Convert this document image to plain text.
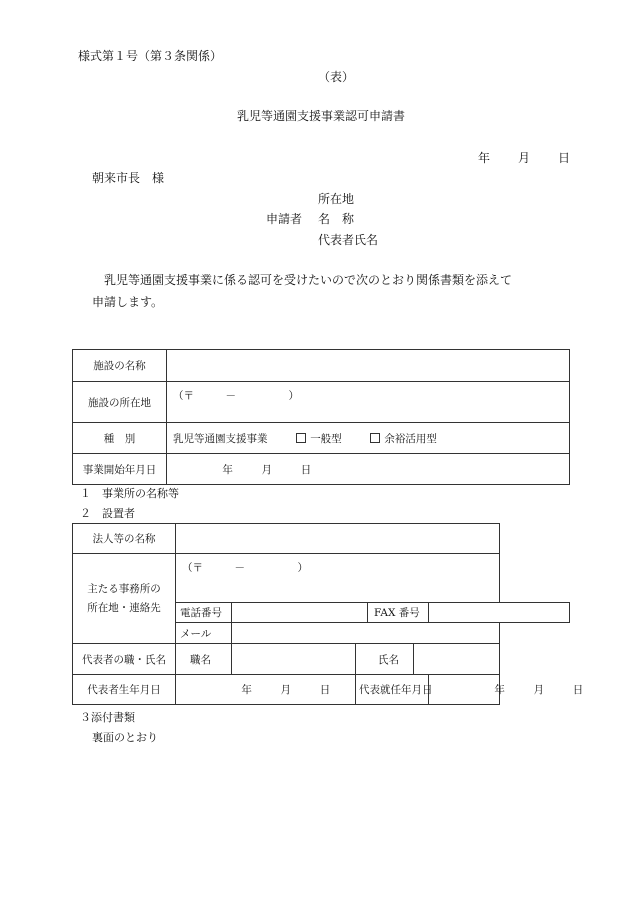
様式第１号（第３条関係）
（表）
乳児等通園支援事業認可申請書
年 月 日
朝来市長　様
所在地
申請者 名　称
代表者氏名
乳児等通園支援事業に係る認可を受けたいので次のとおり関係書類を添えて
申請します。
施設の名称	
施設の所在地	（〒　　　－　　　　　）
種　別	乳児等通園支援事業 一般型 余裕活用型
事業開始年月日	年 月 日
１　事業所の名称等
２　設置者
法人等の名称						

主たる事務所の
所在地・連絡先	（〒　　　－　　　　　）					
	電話番号			FAX 番号		
	メール					
代表者の職・氏名	職名		氏名			
代表者生年月日	年 月 日		代表就任年月日			年 月 日
３添付書類
裏面のとおり
